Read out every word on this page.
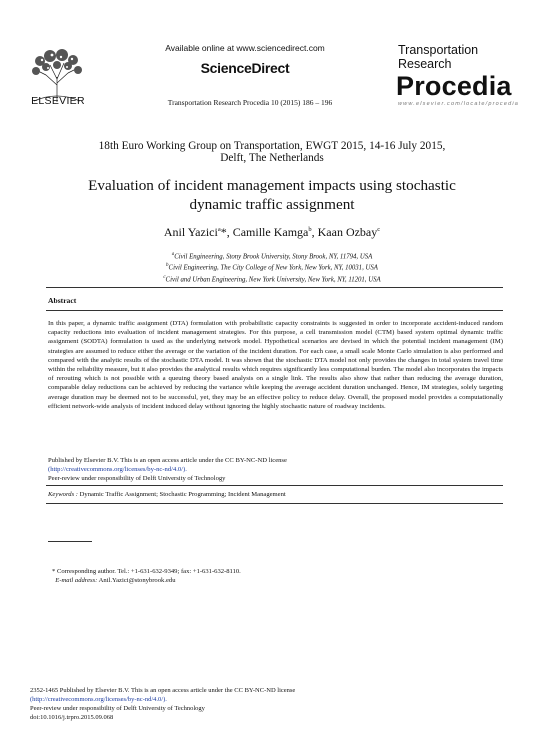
ELSEVIER
Available online at www.sciencedirect.com
ScienceDirect
Transportation Research Procedia 10 (2015) 186 – 196
Transportation
Research
Procedia
www.elsevier.com/locate/procedia
18th Euro Working Group on Transportation, EWGT 2015, 14-16 July 2015,
Delft, The Netherlands
Evaluation of incident management impacts using stochastic
dynamic traffic assignment
Anil Yazici$^a$*, Camille Kamga$^b$, Kaan Ozbay$^c$
$^a$Civil Engineering, Stony Brook University, Stony Brook, NY, 11794, USA
$^b$Civil Engineering, The City College of New York, New York, NY, 10031, USA
$^c$Civil and Urban Engineering, New York University, New York, NY, 11201, USA
Abstract
In this paper, a dynamic traffic assignment (DTA) formulation with probabilistic capacity constraints is suggested in order to incorporate accident-induced random capacity reductions into evaluation of incident management strategies. For this purpose, a cell transmission model (CTM) based system optimal dynamic traffic assignment (SODTA) formulation is used as the underlying network model. Hypothetical scenarios are devised in which the potential incident management (IM) strategies are assumed to reduce either the average or the variation of the incident duration. For each case, a small scale Monte Carlo simulation is also performed and compared with the analytic results of the stochastic DTA model. It was shown that the stochastic DTA model not only provides the changes in total system travel time within the reliability measure, but it also provides the analytical results which requires significantly less computational burden. The model also incorporates the impacts of rerouting which is not possible with a queuing theory based analysis on a single link. The results also show that rather than reducing the average duration, comparable delay reductions can be achieved by reducing the variance while keeping the average accident duration unchanged. Hence, IM strategies, solely targeting average duration may be deemed not to be successful, yet, they may be an effective policy to reduce delay. Overall, the proposed model provides a computationally efficient network-wide analysis of incident induced delay without ignoring the highly stochastic nature of roadway incidents.
Published by Elsevier B.V. This is an open access article under the CC BY-NC-ND license
(http://creativecommons.org/licenses/by-nc-nd/4.0/).
Peer-review under responsibility of Delft University of Technology
Keywords : Dynamic Traffic Assignment; Stochastic Programming; Incident Management
* Corresponding author. Tel.: +1-631-632-9349; fax: +1-631-632-8110.
E-mail address: Anil.Yazici@stonybrook.edu
2352-1465 Published by Elsevier B.V. This is an open access article under the CC BY-NC-ND license
(http://creativecommons.org/licenses/by-nc-nd/4.0/).
Peer-review under responsibility of Delft University of Technology
doi:10.1016/j.trpro.2015.09.068
